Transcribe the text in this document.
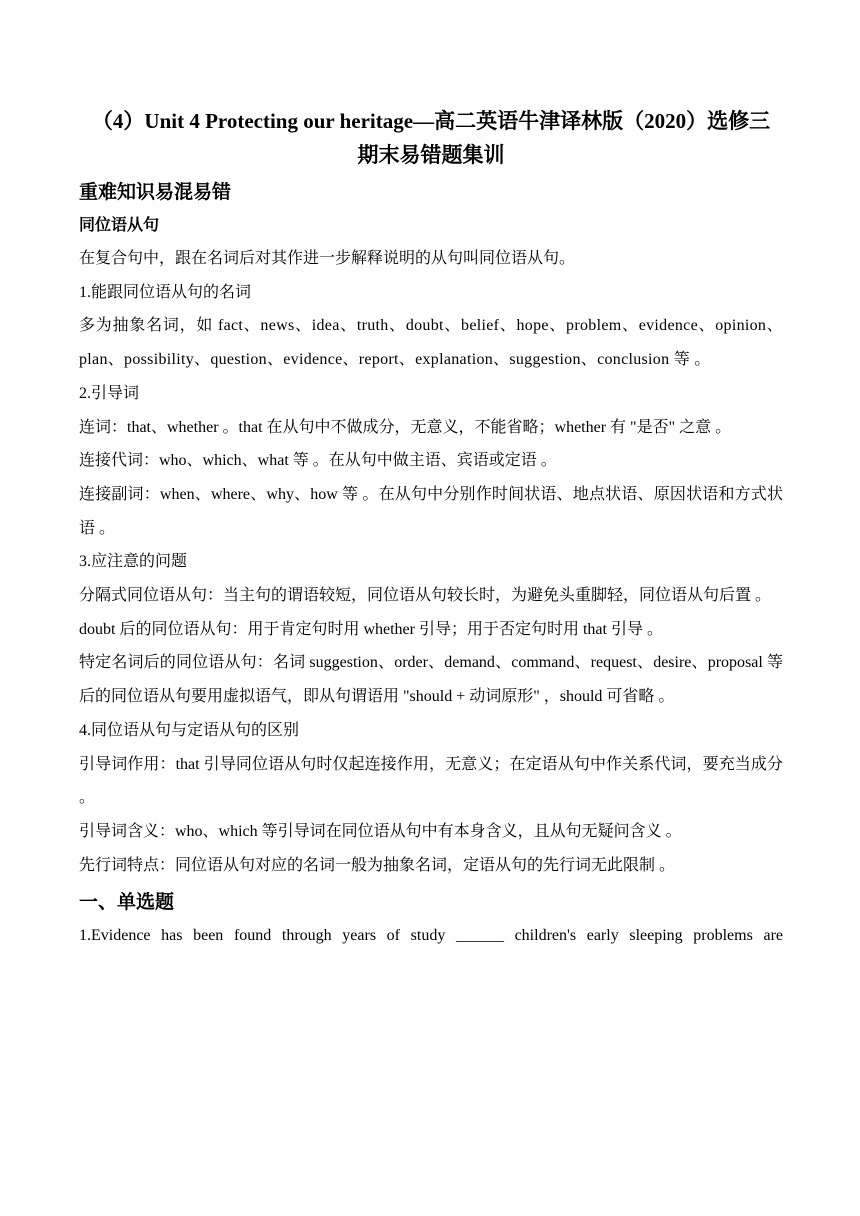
（4）Unit 4 Protecting our heritage—高二英语牛津译林版（2020）选修三

期末易错题集训

重难知识易混易错

同位语从句

在复合句中，跟在名词后对其作进一步解释说明的从句叫同位语从句。

1.能跟同位语从句的名词

多为抽象名词，如 fact、news、idea、truth、doubt、belief、hope、problem、evidence、opinion、plan、possibility、question、evidence、report、explanation、suggestion、conclusion 等 。

2.引导词

连词：that、whether 。that 在从句中不做成分，无意义，不能省略；whether 有 "是否" 之意 。

连接代词：who、which、what 等 。在从句中做主语、宾语或定语 。

连接副词：when、where、why、how 等 。在从句中分别作时间状语、地点状语、原因状语和方式状语 。

3.应注意的问题

分隔式同位语从句：当主句的谓语较短，同位语从句较长时，为避免头重脚轻，同位语从句后置 。

doubt 后的同位语从句：用于肯定句时用 whether 引导；用于否定句时用 that 引导 。

特定名词后的同位语从句：名词 suggestion、order、demand、command、request、desire、proposal 等后的同位语从句要用虚拟语气，即从句谓语用 "should + 动词原形" ，should 可省略 。

4.同位语从句与定语从句的区别

引导词作用：that 引导同位语从句时仅起连接作用，无意义；在定语从句中作关系代词，要充当成分 。

引导词含义：who、which 等引导词在同位语从句中有本身含义，且从句无疑问含义 。

先行词特点：同位语从句对应的名词一般为抽象名词，定语从句的先行词无此限制 。

一、单选题

1.Evidence has been found through years of study ______ children's early sleeping problems are
